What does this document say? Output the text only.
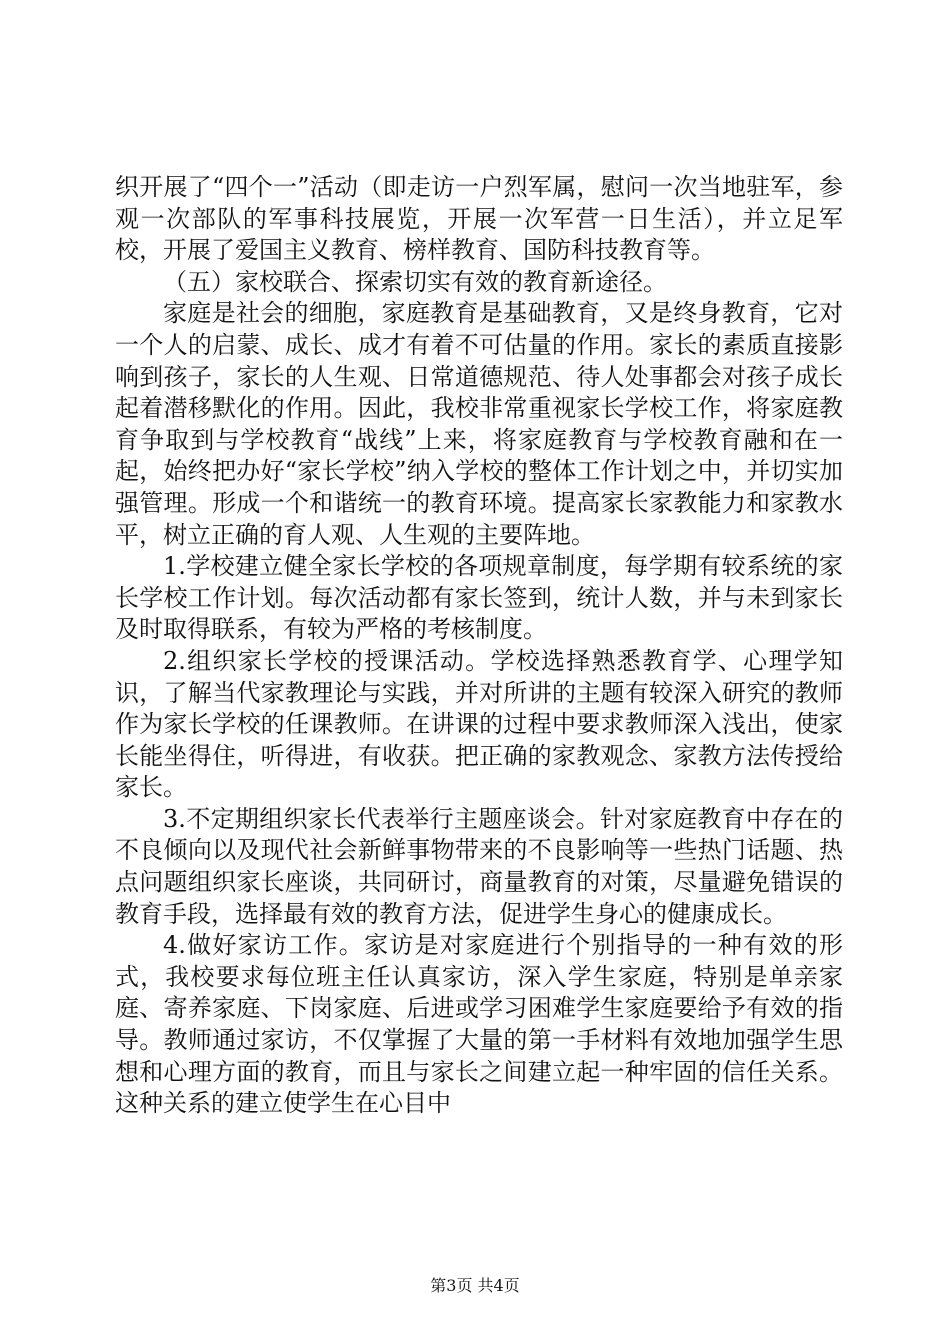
织开展了“四个一”活动（即走访一户烈军属，慰问一次当地驻军，参观一次部队的军事科技展览，开展一次军营一日生活），并立足军校，开展了爱国主义教育、榜样教育、国防科技教育等。

（五）家校联合、探索切实有效的教育新途径。

家庭是社会的细胞，家庭教育是基础教育，又是终身教育，它对一个人的启蒙、成长、成才有着不可估量的作用。家长的素质直接影响到孩子，家长的人生观、日常道德规范、待人处事都会对孩子成长起着潜移默化的作用。因此，我校非常重视家长学校工作，将家庭教育争取到与学校教育“战线”上来，将家庭教育与学校教育融和在一起，始终把办好“家长学校”纳入学校的整体工作计划之中，并切实加强管理。形成一个和谐统一的教育环境。提高家长家教能力和家教水平，树立正确的育人观、人生观的主要阵地。

1.学校建立健全家长学校的各项规章制度，每学期有较系统的家长学校工作计划。每次活动都有家长签到，统计人数，并与未到家长及时取得联系，有较为严格的考核制度。

2.组织家长学校的授课活动。学校选择熟悉教育学、心理学知识，了解当代家教理论与实践，并对所讲的主题有较深入研究的教师作为家长学校的任课教师。在讲课的过程中要求教师深入浅出，使家长能坐得住，听得进，有收获。把正确的家教观念、家教方法传授给家长。

3.不定期组织家长代表举行主题座谈会。针对家庭教育中存在的不良倾向以及现代社会新鲜事物带来的不良影响等一些热门话题、热点问题组织家长座谈，共同研讨，商量教育的对策，尽量避免错误的教育手段，选择最有效的教育方法，促进学生身心的健康成长。

4.做好家访工作。家访是对家庭进行个别指导的一种有效的形式，我校要求每位班主任认真家访，深入学生家庭，特别是单亲家庭、寄养家庭、下岗家庭、后进或学习困难学生家庭要给予有效的指导。教师通过家访，不仅掌握了大量的第一手材料有效地加强学生思想和心理方面的教育，而且与家长之间建立起一种牢固的信任关系。这种关系的建立使学生在心目中

第3页 共4页
